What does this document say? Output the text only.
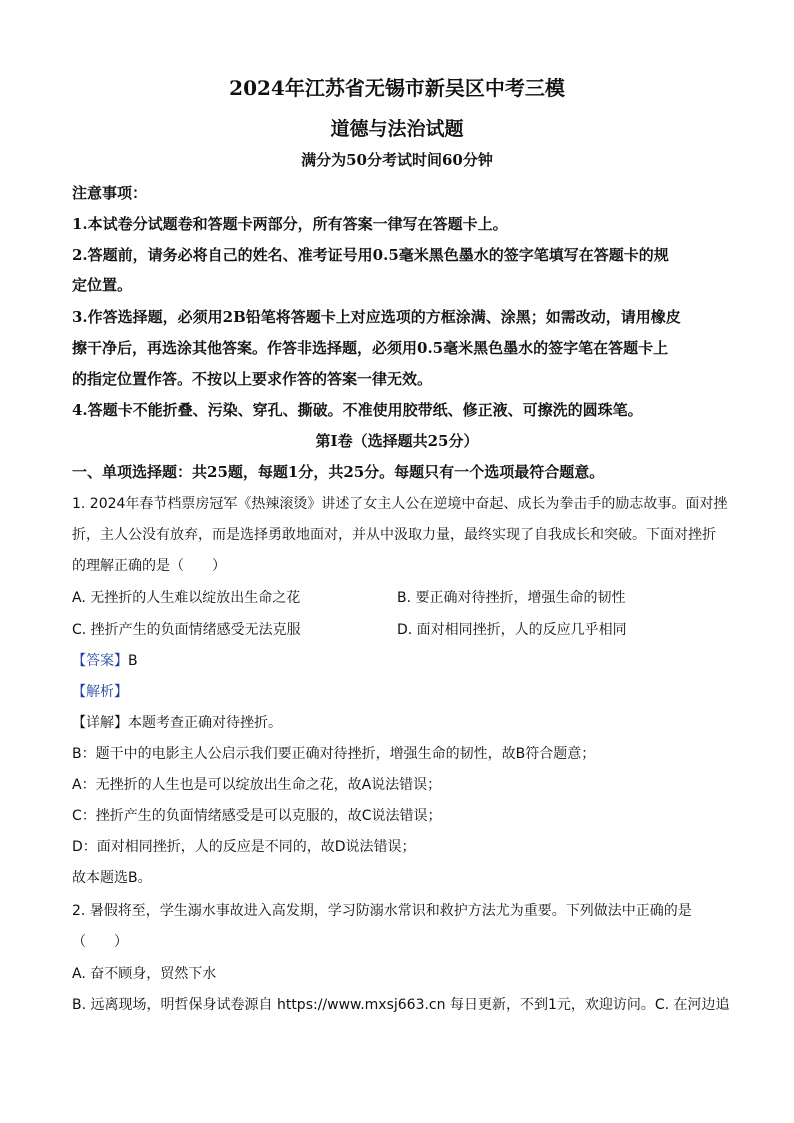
2024年江苏省无锡市新吴区中考三模
道德与法治试题
满分为50分考试时间60分钟
注意事项：
1.本试卷分试题卷和答题卡两部分，所有答案一律写在答题卡上。
2.答题前，请务必将自己的姓名、准考证号用0.5毫米黑色墨水的签字笔填写在答题卡的规
定位置。
3.作答选择题，必须用2B铅笔将答题卡上对应选项的方框涂满、涂黑；如需改动，请用橡皮
擦干净后，再选涂其他答案。作答非选择题，必须用0.5毫米黑色墨水的签字笔在答题卡上
的指定位置作答。不按以上要求作答的答案一律无效。
4.答题卡不能折叠、污染、穿孔、撕破。不准使用胶带纸、修正液、可擦洗的圆珠笔。
第Ⅰ卷（选择题共25分）
一、单项选择题：共25题，每题1分，共25分。每题只有一个选项最符合题意。
1. 2024年春节档票房冠军《热辣滚烫》讲述了女主人公在逆境中奋起、成长为拳击手的励志故事。面对挫
折，主人公没有放弃，而是选择勇敢地面对，并从中汲取力量，最终实现了自我成长和突破。下面对挫折
的理解正确的是（　　）
A. 无挫折的人生难以绽放出生命之花	B. 要正确对待挫折，增强生命的韧性
C. 挫折产生的负面情绪感受无法克服	D. 面对相同挫折，人的反应几乎相同
【答案】B
【解析】
【详解】本题考查正确对待挫折。
B：题干中的电影主人公启示我们要正确对待挫折，增强生命的韧性，故B符合题意；
A：无挫折的人生也是可以绽放出生命之花，故A说法错误；
C：挫折产生的负面情绪感受是可以克服的，故C说法错误；
D：面对相同挫折，人的反应是不同的，故D说法错误；
故本题选B。
2. 暑假将至，学生溺水事故进入高发期，学习防溺水常识和救护方法尤为重要。下列做法中正确的是
（　　）
A. 奋不顾身，贸然下水
B. 远离现场，明哲保身试卷源自 https://www.mxsj663.cn 每日更新，不到1元，欢迎访问。C. 在河边追
